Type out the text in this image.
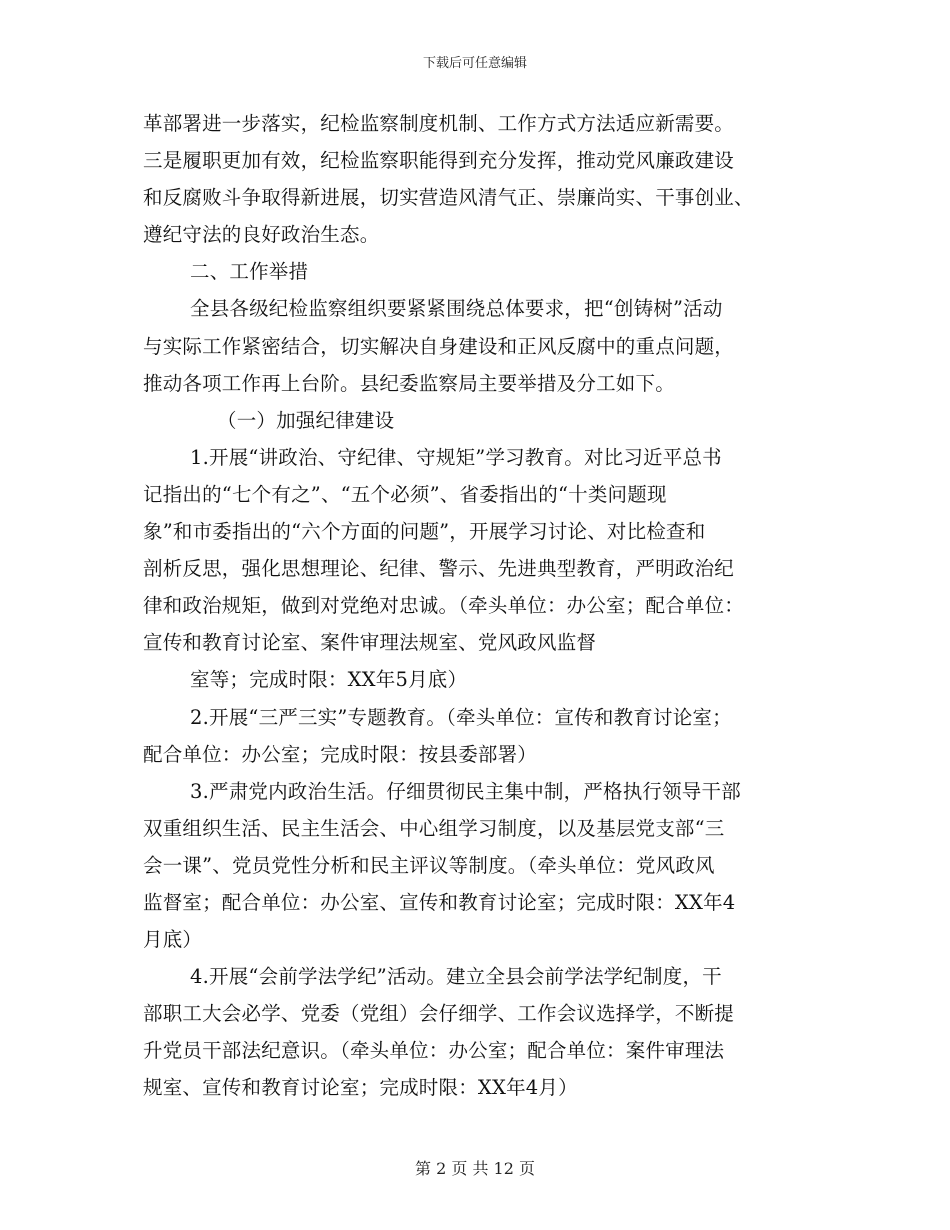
下载后可任意编辑
革部署进一步落实，纪检监察制度机制、工作方式方法适应新需要。
三是履职更加有效，纪检监察职能得到充分发挥，推动党风廉政建设
和反腐败斗争取得新进展，切实营造风清气正、崇廉尚实、干事创业、
遵纪守法的良好政治生态。
二、工作举措
全县各级纪检监察组织要紧紧围绕总体要求，把“创铸树”活动
与实际工作紧密结合，切实解决自身建设和正风反腐中的重点问题，
推动各项工作再上台阶。县纪委监察局主要举措及分工如下。
（一）加强纪律建设
1.开展“讲政治、守纪律、守规矩”学习教育。对比习近平总书
记指出的“七个有之”、“五个必须”、省委指出的“十类问题现
象”和市委指出的“六个方面的问题”，开展学习讨论、对比检查和
剖析反思，强化思想理论、纪律、警示、先进典型教育，严明政治纪
律和政治规矩，做到对党绝对忠诚。（牵头单位：办公室；配合单位：
宣传和教育讨论室、案件审理法规室、党风政风监督
室等；完成时限：XX年5月底）
2.开展“三严三实”专题教育。（牵头单位：宣传和教育讨论室；
配合单位：办公室；完成时限：按县委部署）
3.严肃党内政治生活。仔细贯彻民主集中制，严格执行领导干部
双重组织生活、民主生活会、中心组学习制度，以及基层党支部“三
会一课”、党员党性分析和民主评议等制度。（牵头单位：党风政风
监督室；配合单位：办公室、宣传和教育讨论室；完成时限：XX年4
月底）
4.开展“会前学法学纪”活动。建立全县会前学法学纪制度，干
部职工大会必学、党委（党组）会仔细学、工作会议选择学，不断提
升党员干部法纪意识。（牵头单位：办公室；配合单位：案件审理法
规室、宣传和教育讨论室；完成时限：XX年4月）
第 2 页 共 12 页
